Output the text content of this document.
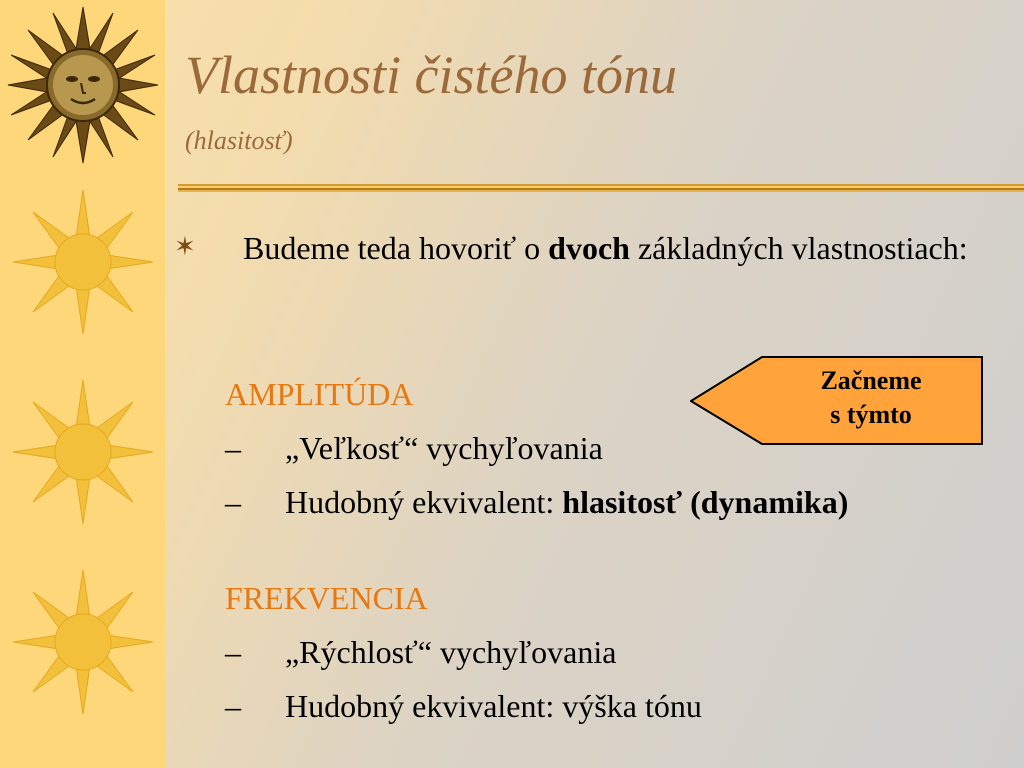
Vlastnosti čistého tónu
(hlasitosť)
✶ Budeme teda hovoriť o dvoch základných vlastnostiach:
AMPLITÚDA
– „Veľkosť“ vychyľovania
– Hudobný ekvivalent: hlasitosť (dynamika)
FREKVENCIA
– „Rýchlosť“ vychyľovania
– Hudobný ekvivalent: výška tónu
Začneme
s týmto
